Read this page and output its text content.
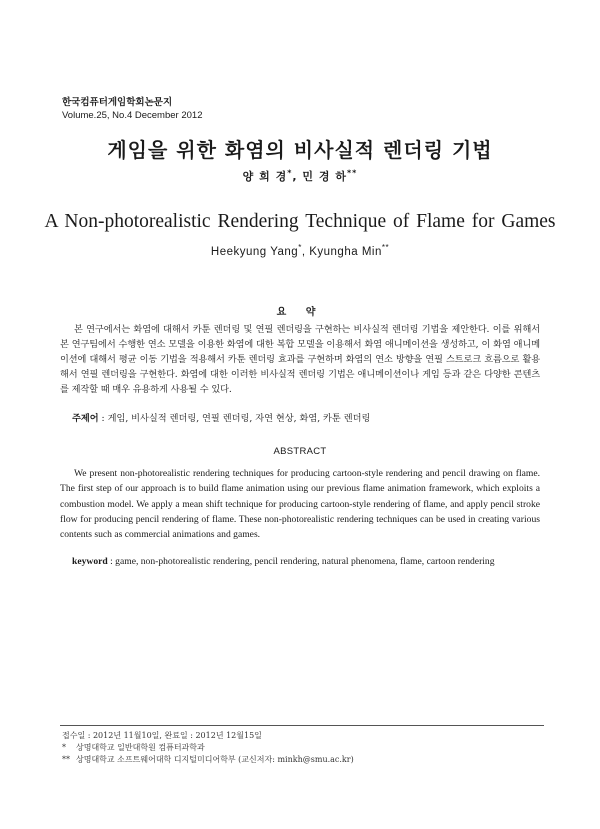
한국컴퓨터게임학회논문지
Volume.25, No.4 December 2012
게임을 위한 화염의 비사실적 렌더링 기법
양 희 경*, 민 경 하**
A Non-photorealistic Rendering Technique of Flame for Games
Heekyung Yang*, Kyungha Min**
요 약

본 연구에서는 화염에 대해서 카툰 렌더링 및 연필 렌더링을 구현하는 비사실적 렌더링 기법을 제안한다. 이를 위해서 본 연구팀에서 수행한 연소 모델을 이용한 화염에 대한 복합 모델을 이용해서 화염 애니메이션을 생성하고, 이 화염 애니메이션에 대해서 평균 이동 기법을 적용해서 카툰 렌더링 효과를 구현하며 화염의 연소 방향을 연필 스트로크 흐름으로 활용해서 연필 렌더링을 구현한다. 화염에 대한 이러한 비사실적 렌더링 기법은 애니메이션이나 게임 등과 같은 다양한 콘텐츠를 제작할 때 매우 유용하게 사용될 수 있다.

주제어 : 게임, 비사실적 렌더링, 연필 렌더링, 자연 현상, 화염, 카툰 렌더링
ABSTRACT

We present non-photorealistic rendering techniques for producing cartoon-style rendering and pencil drawing on flame. The first step of our approach is to build flame animation using our previous flame animation framework, which exploits a combustion model. We apply a mean shift technique for producing cartoon-style rendering of flame, and apply pencil stroke flow for producing pencil rendering of flame. These non-photorealistic rendering techniques can be used in creating various contents such as commercial animations and games.

keyword : game, non-photorealistic rendering, pencil rendering, natural phenomena, flame, cartoon rendering
접수일 : 2012년 11월10일, 완료일 : 2012년 12월15일
* 상명대학교 일반대학원 컴퓨터과학과
** 상명대학교 소프트웨어대학 디지털미디어학부 (교신저자: minkh@smu.ac.kr)
